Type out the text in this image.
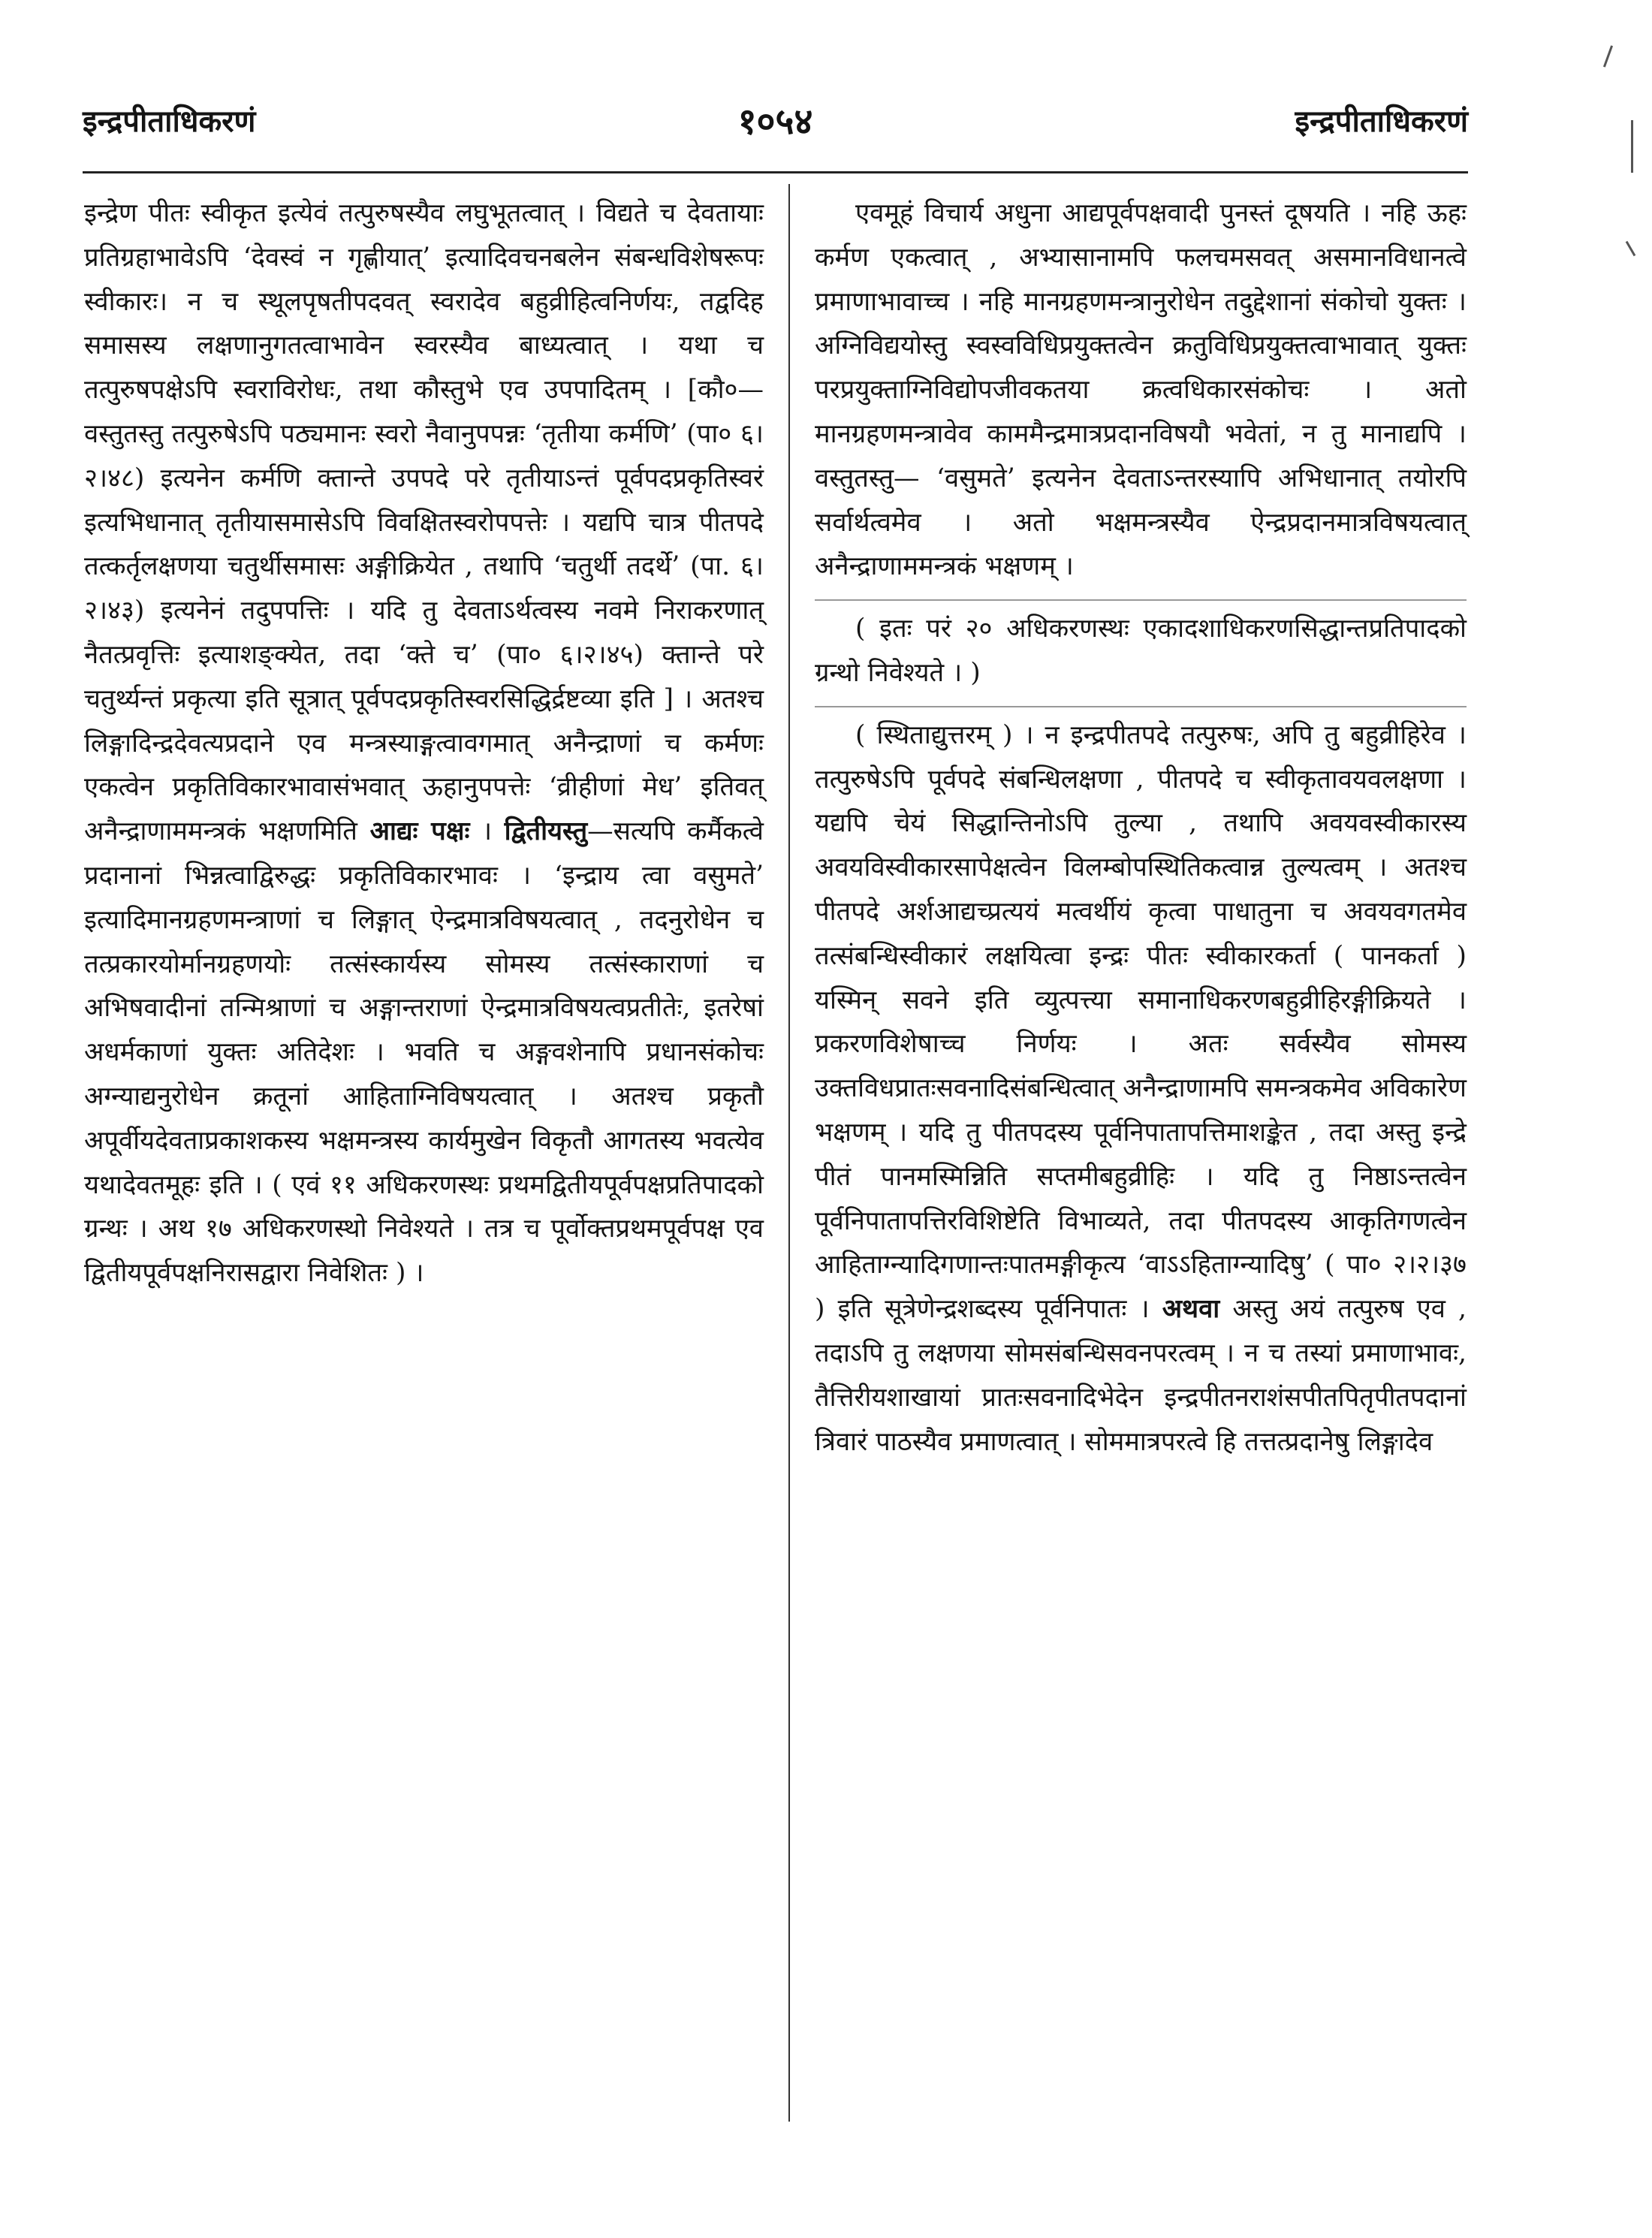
इन्द्रपीताधिकरणं	१०५४	इन्द्रपीताधिकरणं

इन्द्रेण पीतः स्वीकृत इत्येवं तत्पुरुषस्यैव लघुभूतत्वात् । विद्यते च देवतायाः प्रतिग्रहाभावेऽपि ‘देवस्वं न गृह्णीयात्’ इत्यादिवचनबलेन संबन्धविशेषरूपः स्वीकारः। न च स्थूलपृषतीपदवत् स्वरादेव बहुव्रीहित्वनिर्णयः, तद्वदिह समासस्य लक्षणानुगतत्वाभावेन स्वरस्यैव बाध्यत्वात् । यथा च तत्पुरुषपक्षेऽपि स्वराविरोधः, तथा कौस्तुभे एव उपपादितम् । [कौ०—वस्तुतस्तु तत्पुरुषेऽपि पठ्यमानः स्वरो नैवानुपपन्नः ‘तृतीया कर्मणि’ (पा० ६।२।४८) इत्यनेन कर्मणि क्तान्ते उपपदे परे तृतीयाऽन्तं पूर्वपदप्रकृतिस्वरं इत्यभिधानात् तृतीयासमासेऽपि विवक्षितस्वरोपपत्तेः । यद्यपि चात्र पीतपदे तत्कर्तृलक्षणया चतुर्थीसमासः अङ्गीक्रियेत , तथापि ‘चतुर्थी तदर्थे’ (पा. ६।२।४३) इत्यनेनं तदुपपत्तिः । यदि तु देवताऽर्थत्वस्य नवमे निराकरणात् नैतत्प्रवृत्तिः इत्याशङ्क्येत, तदा ‘क्ते च’ (पा० ६।२।४५) क्तान्ते परे चतुर्थ्यन्तं प्रकृत्या इति सूत्रात् पूर्वपदप्रकृतिस्वरसिद्धिर्द्रष्टव्या इति ] । अतश्च लिङ्गादिन्द्रदेवत्यप्रदाने एव मन्त्रस्याङ्गत्वावगमात् अनैन्द्राणां च कर्मणः एकत्वेन प्रकृतिविकारभावासंभवात् ऊहानुपपत्तेः ‘व्रीहीणां मेध’ इतिवत् अनैन्द्राणाममन्त्रकं भक्षणमिति आद्यः पक्षः । द्वितीयस्तु—सत्यपि कर्मैकत्वे प्रदानानां भिन्नत्वाद्विरुद्धः प्रकृतिविकारभावः । ‘इन्द्राय त्वा वसुमते’ इत्यादिमानग्रहणमन्त्राणां च लिङ्गात् ऐन्द्रमात्रविषयत्वात् , तदनुरोधेन च तत्प्रकारयोर्मानग्रहणयोः तत्संस्कार्यस्य सोमस्य तत्संस्काराणां च अभिषवादीनां तन्मिश्राणां च अङ्गान्तराणां ऐन्द्रमात्रविषयत्वप्रतीतेः, इतरेषां अधर्मकाणां युक्तः अतिदेशः । भवति च अङ्गवशेनापि प्रधानसंकोचः अग्न्याद्यनुरोधेन क्रतूनां आहिताग्निविषयत्वात् । अतश्च प्रकृतौ अपूर्वीयदेवताप्रकाशकस्य भक्षमन्त्रस्य कार्यमुखेन विकृतौ आगतस्य भवत्येव यथादेवतमूहः इति । ( एवं ११ अधिकरणस्थः प्रथमद्वितीयपूर्वपक्षप्रतिपादको ग्रन्थः । अथ १७ अधिकरणस्थो निवेश्यते । तत्र च पूर्वोक्तप्रथमपूर्वपक्ष एव द्वितीयपूर्वपक्षनिरासद्वारा निवेशितः ) ।

एवमूहं विचार्य अधुना आद्यपूर्वपक्षवादी पुनस्तं दूषयति । नहि ऊहः कर्मण एकत्वात् , अभ्यासानामपि फलचमसवत् असमानविधानत्वे प्रमाणाभावाच्च । नहि मानग्रहणमन्त्रानुरोधेन तदुद्देशानां संकोचो युक्तः । अग्निविद्ययोस्तु स्वस्वविधिप्रयुक्तत्वेन क्रतुविधिप्रयुक्तत्वाभावात् युक्तः परप्रयुक्ताग्निविद्योपजीवकतया क्रत्वधिकारसंकोचः । अतो मानग्रहणमन्त्रावेव काममैन्द्रमात्रप्रदानविषयौ भवेतां, न तु मानाद्यपि । वस्तुतस्तु— ‘वसुमते’ इत्यनेन देवताऽन्तरस्यापि अभिधानात् तयोरपि सर्वार्थत्वमेव । अतो भक्षमन्त्रस्यैव ऐन्द्रप्रदानमात्रविषयत्वात् अनैन्द्राणाममन्त्रकं भक्षणम् ।

( इतः परं २० अधिकरणस्थः एकादशाधिकरणसिद्धान्तप्रतिपादको ग्रन्थो निवेश्यते । )

( स्थिताद्युत्तरम् ) । न इन्द्रपीतपदे तत्पुरुषः, अपि तु बहुव्रीहिरेव । तत्पुरुषेऽपि पूर्वपदे संबन्धिलक्षणा , पीतपदे च स्वीकृतावयवलक्षणा । यद्यपि चेयं सिद्धान्तिनोऽपि तुल्या , तथापि अवयवस्वीकारस्य अवयविस्वीकारसापेक्षत्वेन विलम्बोपस्थितिकत्वान्न तुल्यत्वम् । अतश्च पीतपदे अर्शआद्यच्प्रत्ययं मत्वर्थीयं कृत्वा पाधातुना च अवयवगतमेव तत्संबन्धिस्वीकारं लक्षयित्वा इन्द्रः पीतः स्वीकारकर्ता ( पानकर्ता ) यस्मिन् सवने इति व्युत्पत्त्या समानाधिकरणबहुव्रीहिरङ्गीक्रियते । प्रकरणविशेषाच्च निर्णयः । अतः सर्वस्यैव सोमस्य उक्तविधप्रातःसवनादिसंबन्धित्वात् अनैन्द्राणामपि समन्त्रकमेव अविकारेण भक्षणम् । यदि तु पीतपदस्य पूर्वनिपातापत्तिमाशङ्केत , तदा अस्तु इन्द्रे पीतं पानमस्मिन्निति सप्तमीबहुव्रीहिः । यदि तु निष्ठाऽन्तत्वेन पूर्वनिपातापत्तिरविशिष्टेति विभाव्यते, तदा पीतपदस्य आकृतिगणत्वेन आहिताग्न्यादिगणान्तःपातमङ्गीकृत्य ‘वाऽऽहिताग्न्यादिषु’ ( पा० २।२।३७ ) इति सूत्रेणेन्द्रशब्दस्य पूर्वनिपातः । अथवा अस्तु अयं तत्पुरुष एव , तदाऽपि तु लक्षणया सोमसंबन्धिसवनपरत्वम् । न च तस्यां प्रमाणाभावः, तैत्तिरीयशाखायां प्रातःसवनादिभेदेन इन्द्रपीतनराशंसपीतपितृपीतपदानां त्रिवारं पाठस्यैव प्रमाणत्वात् । सोममात्रपरत्वे हि तत्तत्प्रदानेषु लिङ्गादेव
